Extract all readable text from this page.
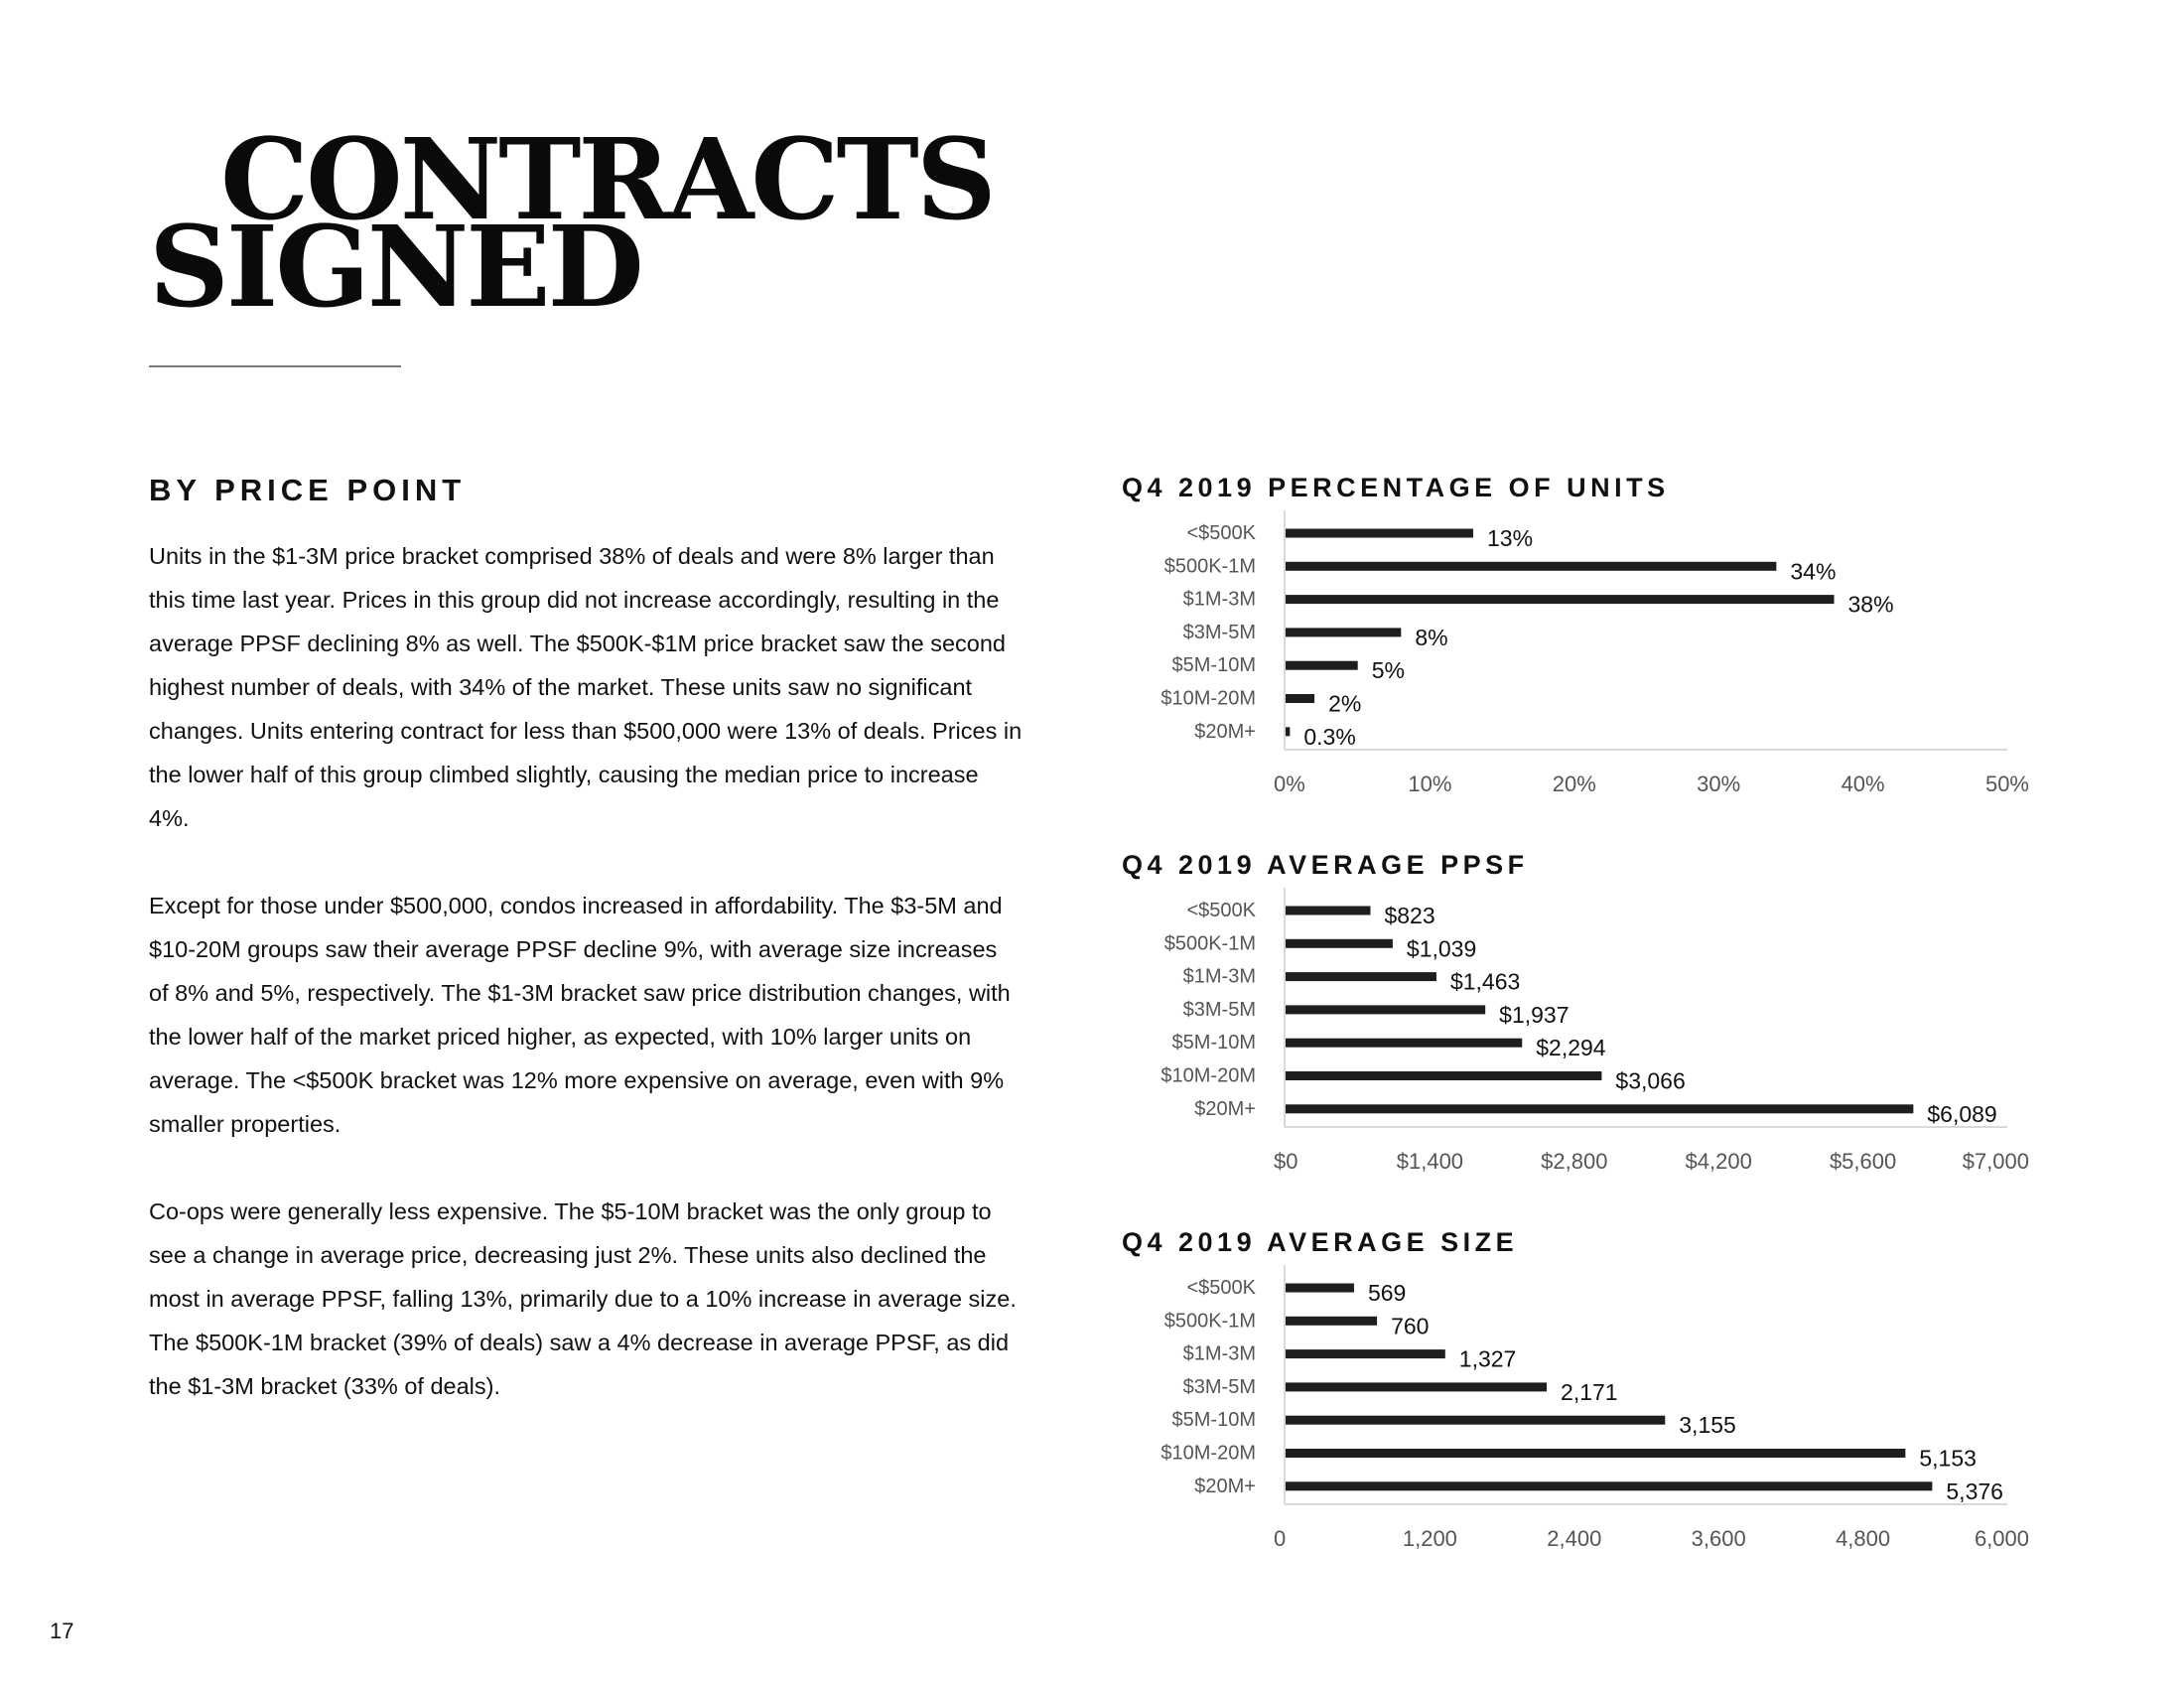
CONTRACTS
SIGNED
BY PRICE POINT

Units in the $1-3M price bracket comprised 38% of deals and were 8% larger than this time last year. Prices in this group did not increase accordingly, resulting in the average PPSF declining 8% as well. The $500K-$1M price bracket saw the second highest number of deals, with 34% of the market. These units saw no significant changes. Units entering contract for less than $500,000 were 13% of deals. Prices in the lower half of this group climbed slightly, causing the median price to increase 4%.

Except for those under $500,000, condos increased in affordability. The $3-5M and $10-20M groups saw their average PPSF decline 9%, with average size increases of 8% and 5%, respectively. The $1-3M bracket saw price distribution changes, with the lower half of the market priced higher, as expected, with 10% larger units on average. The <$500K bracket was 12% more expensive on average, even with 9% smaller properties.

Co-ops were generally less expensive. The $5-10M bracket was the only group to see a change in average price, decreasing just 2%. These units also declined the most in average PPSF, falling 13%, primarily due to a 10% increase in average size. The $500K-1M bracket (39% of deals) saw a 4% decrease in average PPSF, as did the $1-3M bracket (33% of deals).

Q4 2019 PERCENTAGE OF UNITS
<$500K	13%
$500K-1M	34%
$1M-3M	38%
$3M-5M	8%
$5M-10M	5%
$10M-20M	2%
$20M+ 0.3%
0%	10%	20%	30%	40%	50%
Q4 2019 AVERAGE PPSF
<$500K	$823
$500K-1M	$1,039
$1M-3M	$1,463
$3M-5M	$1,937
$5M-10M	$2,294
$10M-20M	$3,066
$20M+	$6,089
$0	$1,400	$2,800	$4,200	$5,600	$7,000
Q4 2019 AVERAGE SIZE
<$500K	569
$500K-1M	760
$1M-3M	1,327
$3M-5M	2,171
$5M-10M	3,155
$10M-20M	5,153
$20M+	5,376
0	1,200	2,400	3,600	4,800	6,000
17
